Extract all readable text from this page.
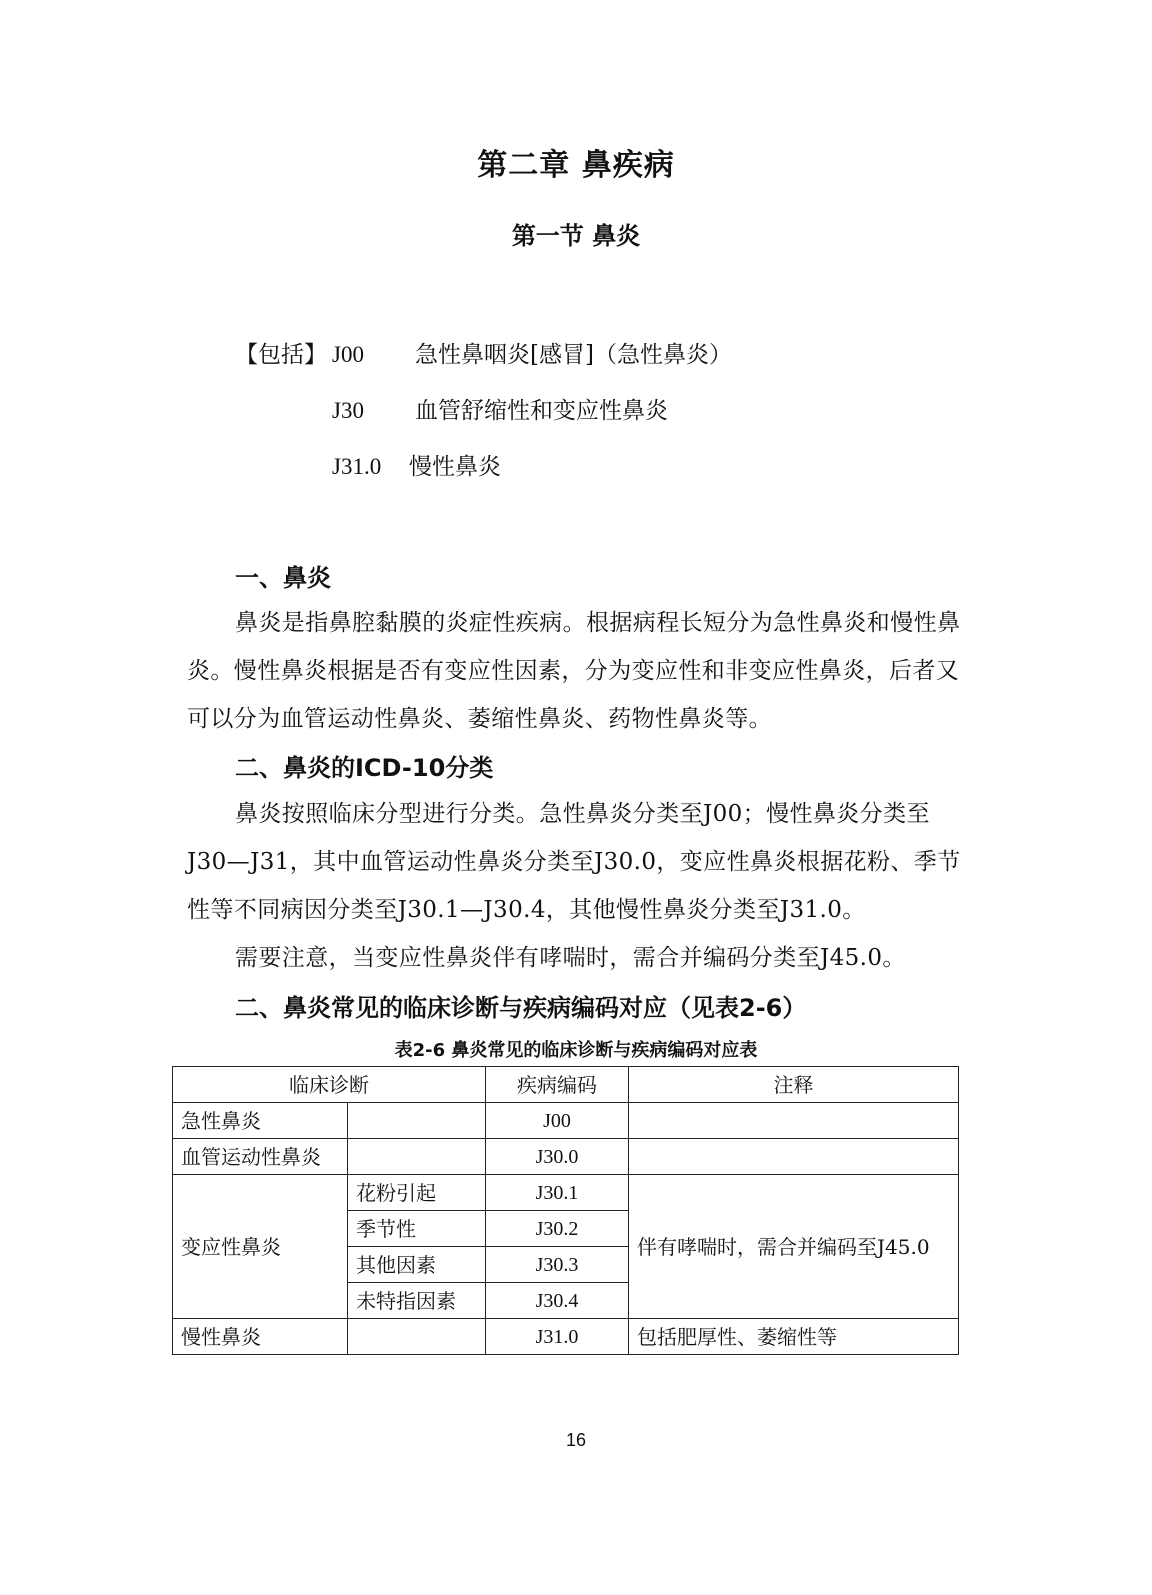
第二章 鼻疾病
第一节 鼻炎
【包括】 J00	急性鼻咽炎[感冒]（急性鼻炎）
J30	血管舒缩性和变应性鼻炎
J31.0	慢性鼻炎
一、鼻炎
鼻炎是指鼻腔黏膜的炎症性疾病。根据病程长短分为急性鼻炎和慢性鼻炎。慢性鼻炎根据是否有变应性因素，分为变应性和非变应性鼻炎，后者又可以分为血管运动性鼻炎、萎缩性鼻炎、药物性鼻炎等。
二、鼻炎的ICD-10分类
鼻炎按照临床分型进行分类。急性鼻炎分类至J00；慢性鼻炎分类至J30—J31，其中血管运动性鼻炎分类至J30.0，变应性鼻炎根据花粉、季节性等不同病因分类至J30.1—J30.4，其他慢性鼻炎分类至J31.0。
需要注意，当变应性鼻炎伴有哮喘时，需合并编码分类至J45.0。
二、鼻炎常见的临床诊断与疾病编码对应（见表2-6）
表2-6 鼻炎常见的临床诊断与疾病编码对应表
临床诊断		疾病编码	注释
急性鼻炎		J00	
血管运动性鼻炎		J30.0	
变应性鼻炎	花粉引起	J30.1	伴有哮喘时，需合并编码至J45.0
	季节性	J30.2	
	其他因素	J30.3	
	未特指因素	J30.4	
慢性鼻炎		J31.0	包括肥厚性、萎缩性等
16
